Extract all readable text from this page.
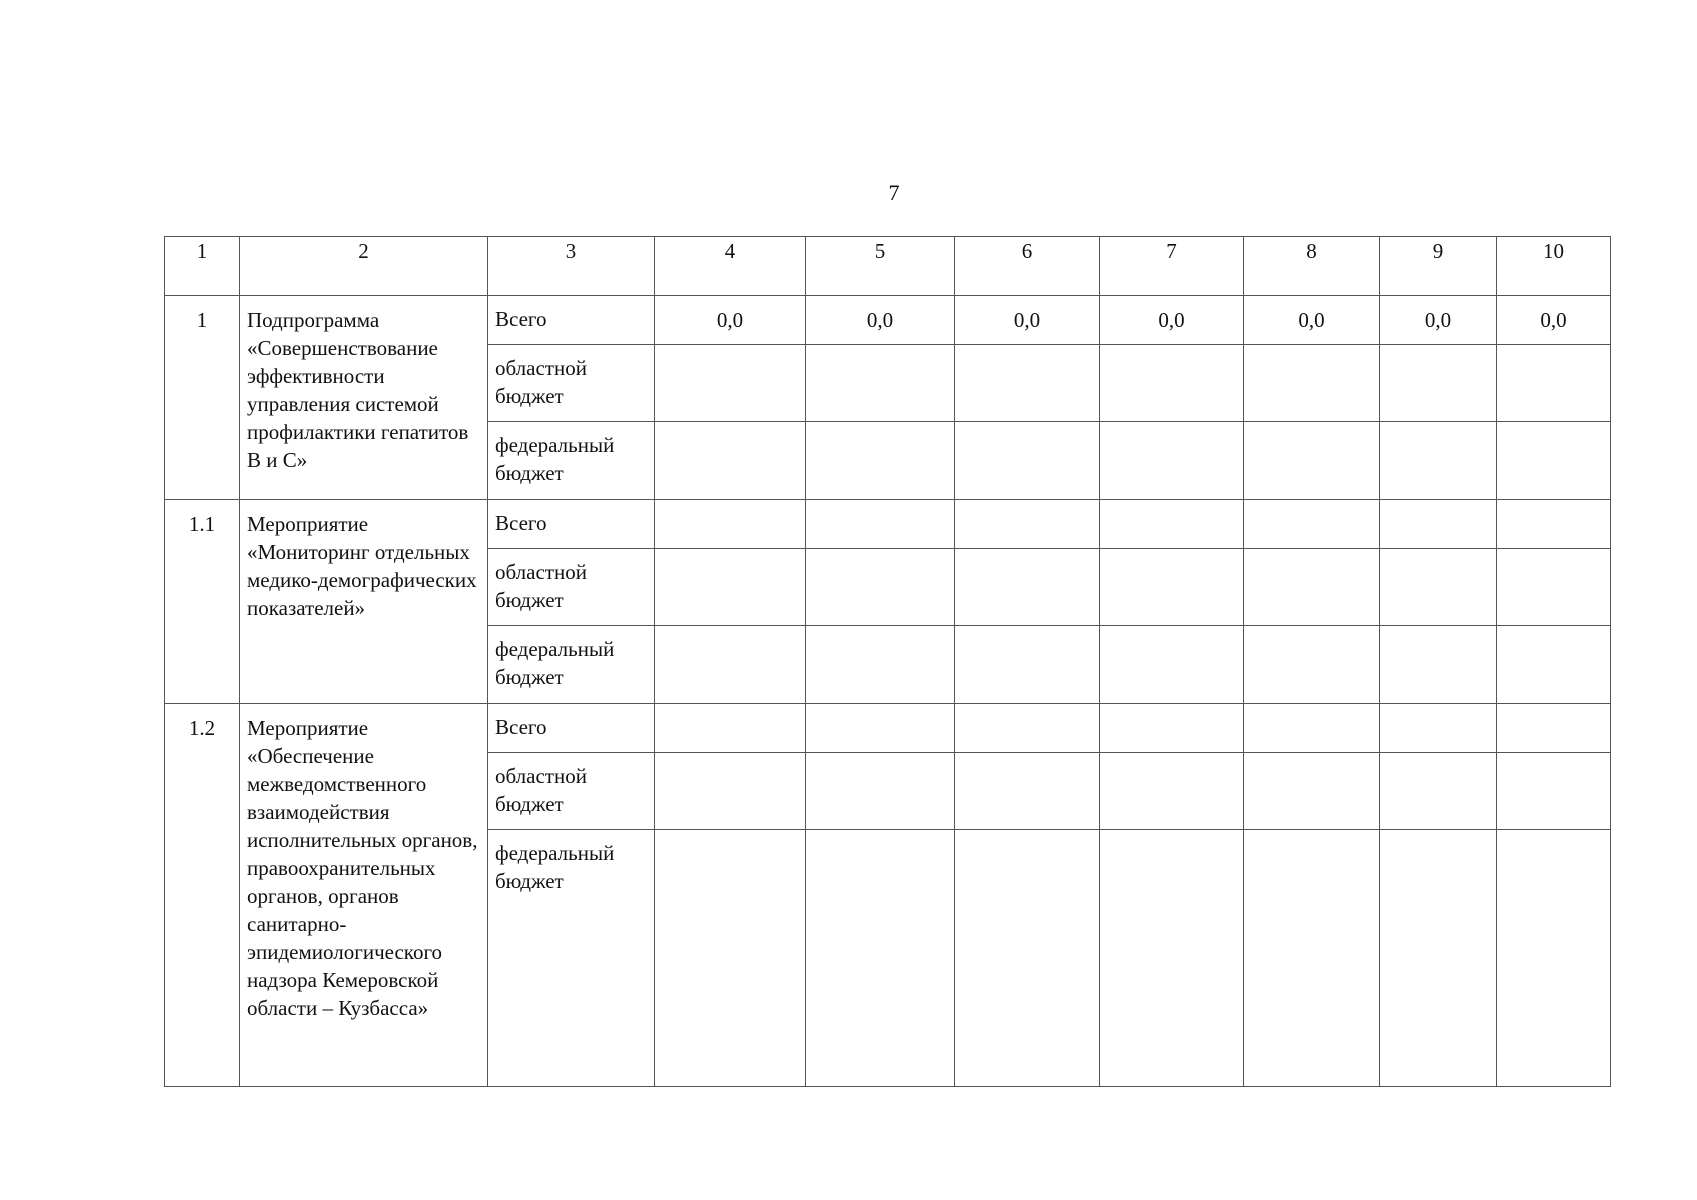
7
1	2	3	4	5	6	7	8	9	10
1	Подпрограмма «Совершенствование эффективности управления системой профилактики гепатитов В и С»	Всего	0,0	0,0	0,0	0,0	0,0	0,0	0,0
		областной бюджет							
		федеральный бюджет							
1.1	Мероприятие «Мониторинг отдельных медико-демографических показателей»	Всего							
		областной бюджет							
		федеральный бюджет							
1.2	Мероприятие «Обеспечение межведомственного взаимодействия исполнительных органов, правоохранительных органов, органов санитарно-эпидемиологического надзора Кемеровской области – Кузбасса»	Всего							
		областной бюджет							
		федеральный бюджет							
